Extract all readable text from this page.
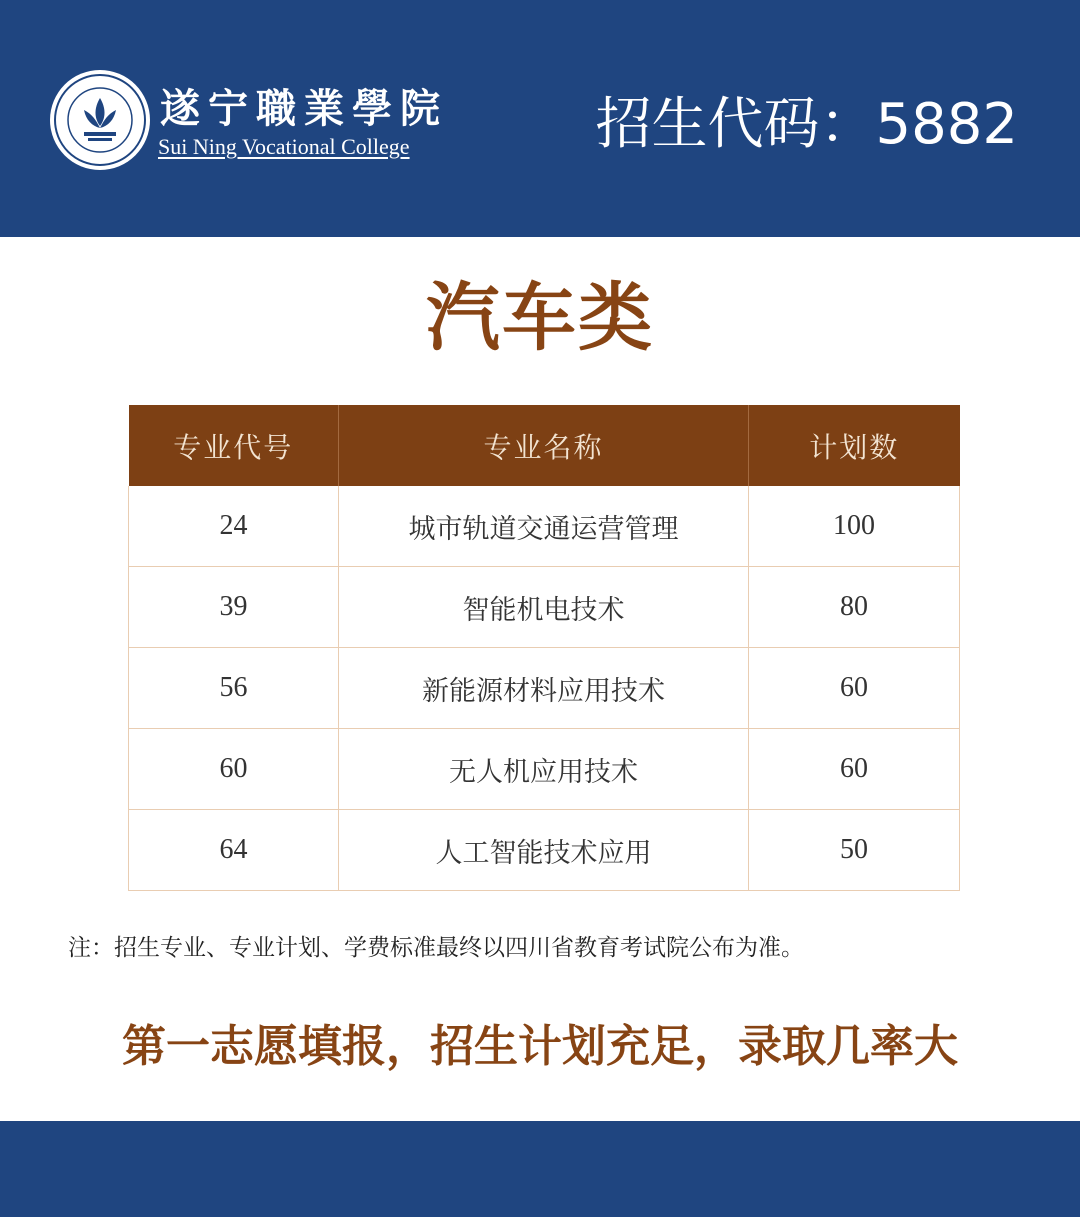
遂宁職業學院
Sui Ning Vocational College	招生代码：5882
汽车类
专业代号	专业名称	计划数
24	城市轨道交通运营管理	100
39	智能机电技术	80
56	新能源材料应用技术	60
60	无人机应用技术	60
64	人工智能技术应用	50
注：招生专业、专业计划、学费标准最终以四川省教育考试院公布为准。
第一志愿填报，招生计划充足，录取几率大
